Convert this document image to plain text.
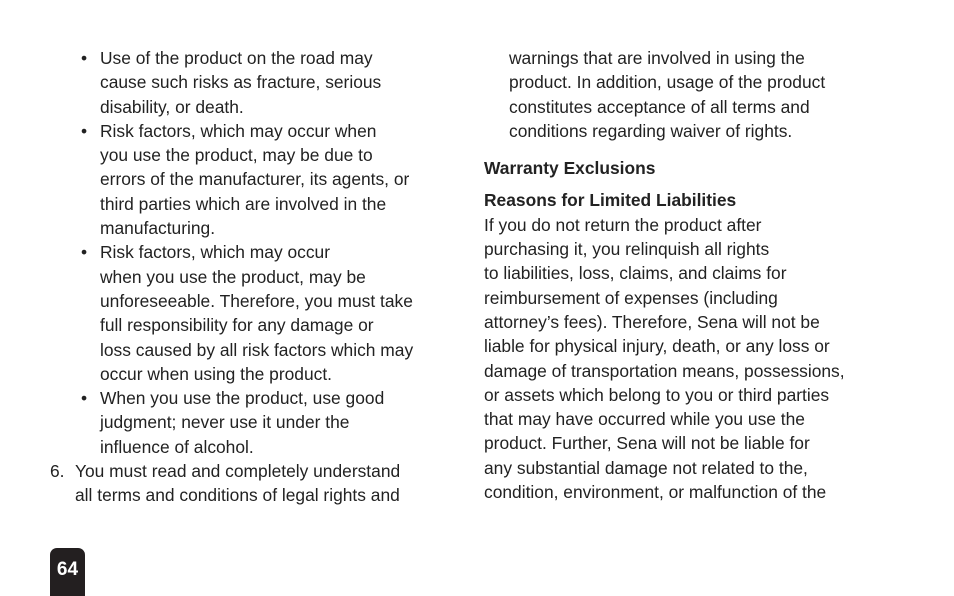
• Use of the product on the road may
cause such risks as fracture, serious
disability, or death.
• Risk factors, which may occur when
you use the product, may be due to
errors of the manufacturer, its agents, or
third parties which are involved in the
manufacturing.
• Risk factors, which may occur
when you use the product, may be
unforeseeable. Therefore, you must take
full responsibility for any damage or
loss caused by all risk factors which may
occur when using the product.
• When you use the product, use good
judgment; never use it under the
influence of alcohol.
6. You must read and completely understand
all terms and conditions of legal rights and
warnings that are involved in using the
product. In addition, usage of the product
constitutes acceptance of all terms and
conditions regarding waiver of rights.
Warranty Exclusions
Reasons for Limited Liabilities
If you do not return the product after
purchasing it, you relinquish all rights
to liabilities, loss, claims, and claims for
reimbursement of expenses (including
attorney’s fees). Therefore, Sena will not be
liable for physical injury, death, or any loss or
damage of transportation means, possessions,
or assets which belong to you or third parties
that may have occurred while you use the
product. Further, Sena will not be liable for
any substantial damage not related to the,
condition, environment, or malfunction of the
64
